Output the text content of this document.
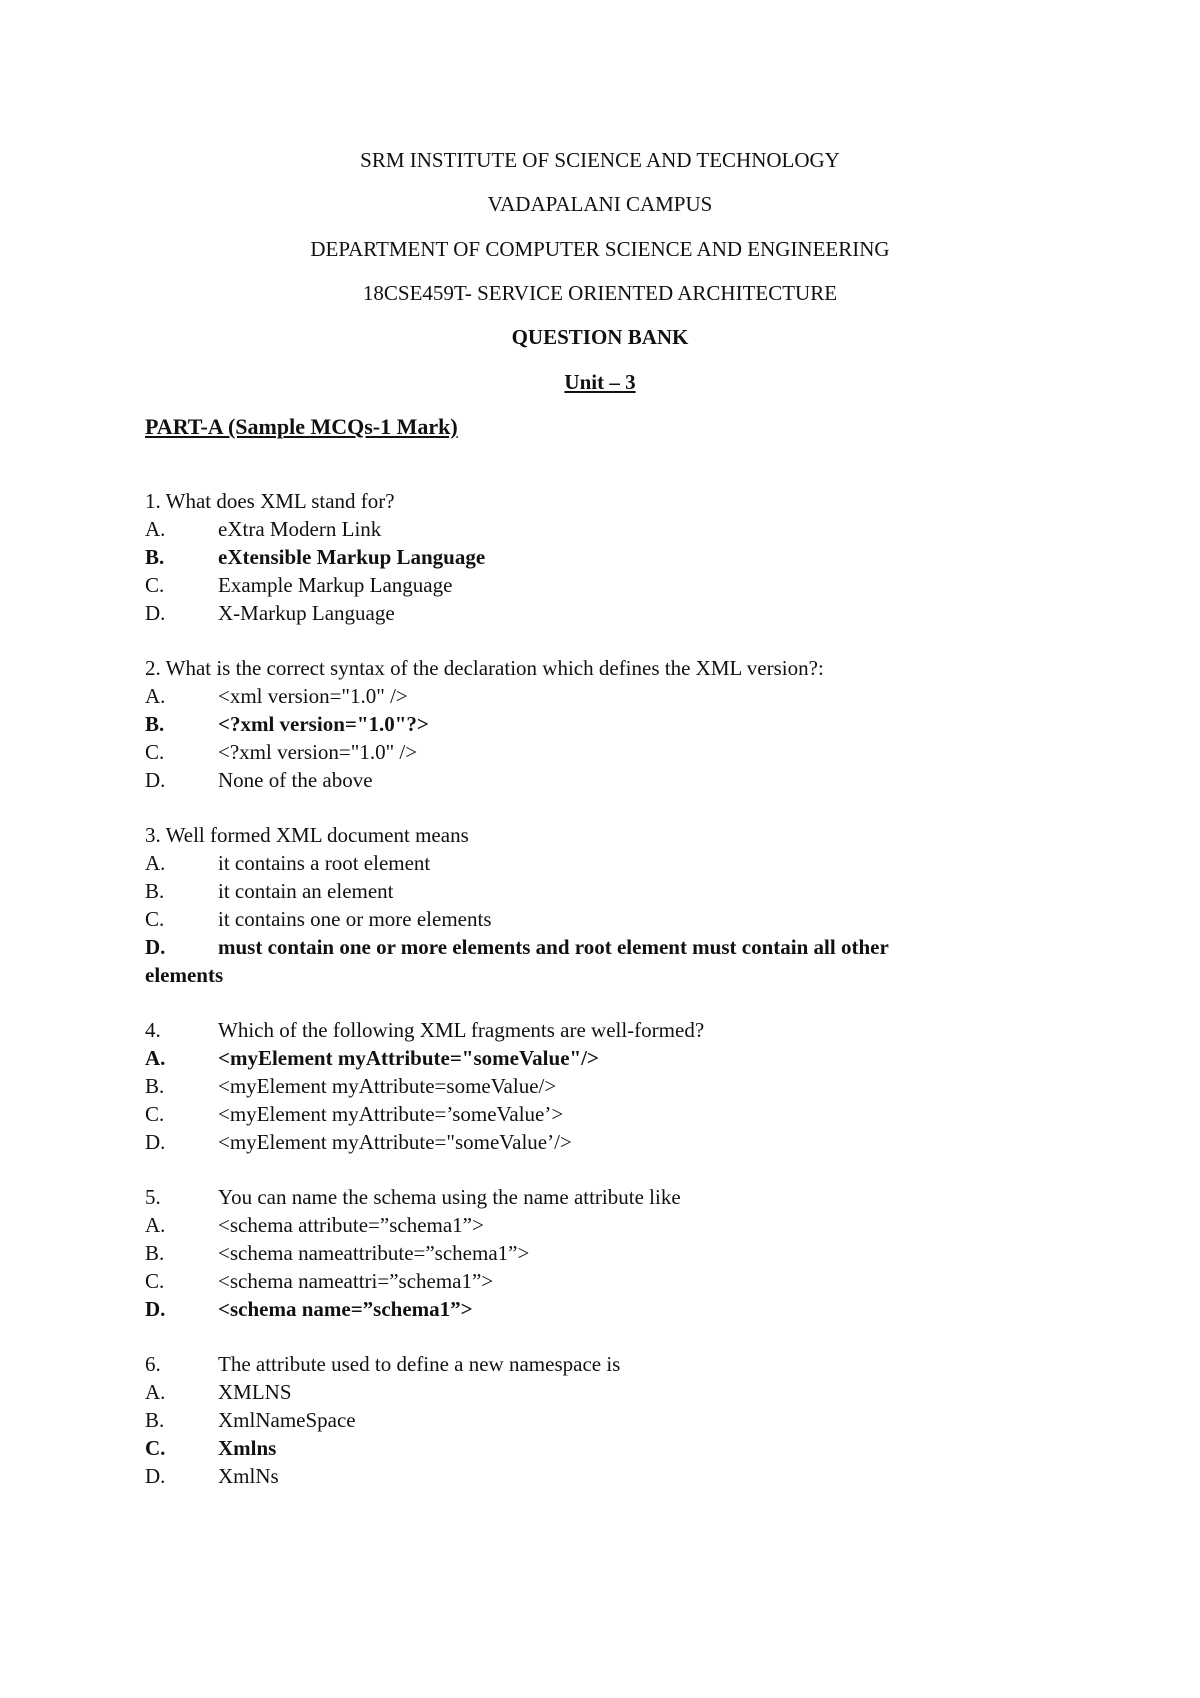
SRM INSTITUTE OF SCIENCE AND TECHNOLOGY
VADAPALANI CAMPUS
DEPARTMENT OF COMPUTER SCIENCE AND ENGINEERING
18CSE459T- SERVICE ORIENTED ARCHITECTURE
QUESTION BANK
Unit – 3
PART-A (Sample MCQs-1 Mark)
1. What does XML stand for?
A.	eXtra Modern Link
B.	eXtensible Markup Language
C.	Example Markup Language
D.	X-Markup Language
2. What is the correct syntax of the declaration which defines the XML version?:
A.	<xml version="1.0" />
B.	<?xml version="1.0"?>
C.	<?xml version="1.0" />
D.	None of the above
3. Well formed XML document means
A.	it contains a root element
B.	it contain an element
C.	it contains one or more elements
D.	must contain one or more elements and root element must contain all other
elements
4.	Which of the following XML fragments are well-formed?
A.	<myElement myAttribute="someValue"/>
B.	<myElement myAttribute=someValue/>
C.	<myElement myAttribute=’someValue’>
D.	<myElement myAttribute="someValue’/>
5.	You can name the schema using the name attribute like
A.	<schema attribute=”schema1”>
B.	<schema nameattribute=”schema1”>
C.	<schema nameattri=”schema1”>
D.	<schema name=”schema1”>
6.	The attribute used to define a new namespace is
A.	XMLNS
B.	XmlNameSpace
C.	Xmlns
D.	XmlNs
